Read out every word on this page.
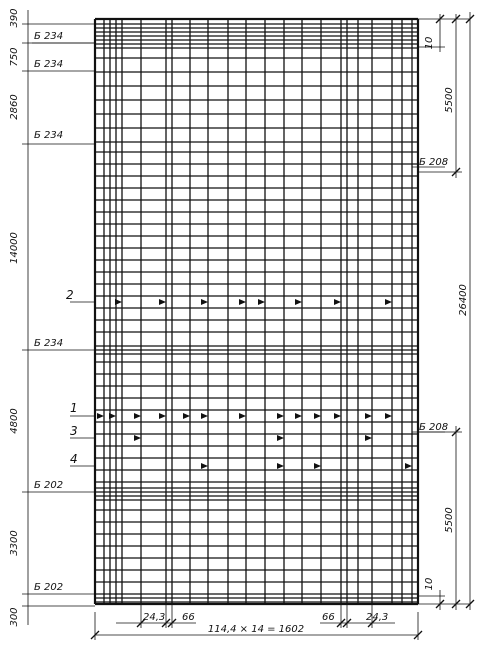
390
750
2860
14000
4800
3300
300
Б 234
Б 234
Б 234
Б 234
Б 202
Б 202
10
5500
26400
5500
10
Б 208
Б 208
2
1
3
4
24,3 66
114,4 × 14 = 1602
66	24,3
